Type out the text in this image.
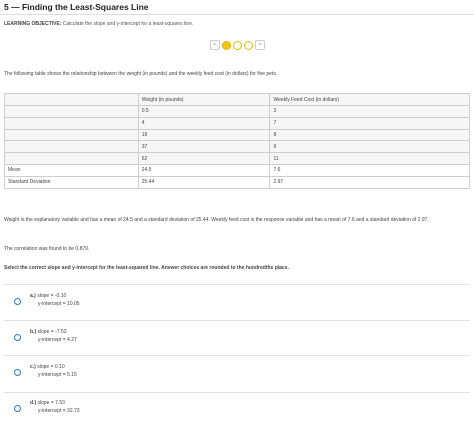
5 — Finding the Least-Squares Line
LEARNING OBJECTIVE: Calculate the slope and y-intercept for a least-squares line.
<	>
The following table shows the relationship between the weight (in pounds) and the weekly feed cost (in dollars) for five pets.
	Weight (in pounds)	Weekly Feed Cost (in dollars)
	0.5	3
	4	7
	19	8
	37	9
	62	11
Mean	24.5	7.6
Standard Deviation	25.44	2.97
Weight is the explanatory variable and has a mean of 24.5 and a standard deviation of 25.44. Weekly feed cost is the response variable and has a mean of 7.6 and a standard deviation of 2.97.
The correlation was found to be 0.879.
Select the correct slope and y-intercept for the least-squared line. Answer choices are rounded to the hundredths place.
a.) slope = -0.10
y-intercept = 10.05
b.) slope = -7.53
y-intercept = 4.27
c.) slope = 0.10
y-intercept = 5.15
d.) slope = 7.53
y-intercept = 32.73
